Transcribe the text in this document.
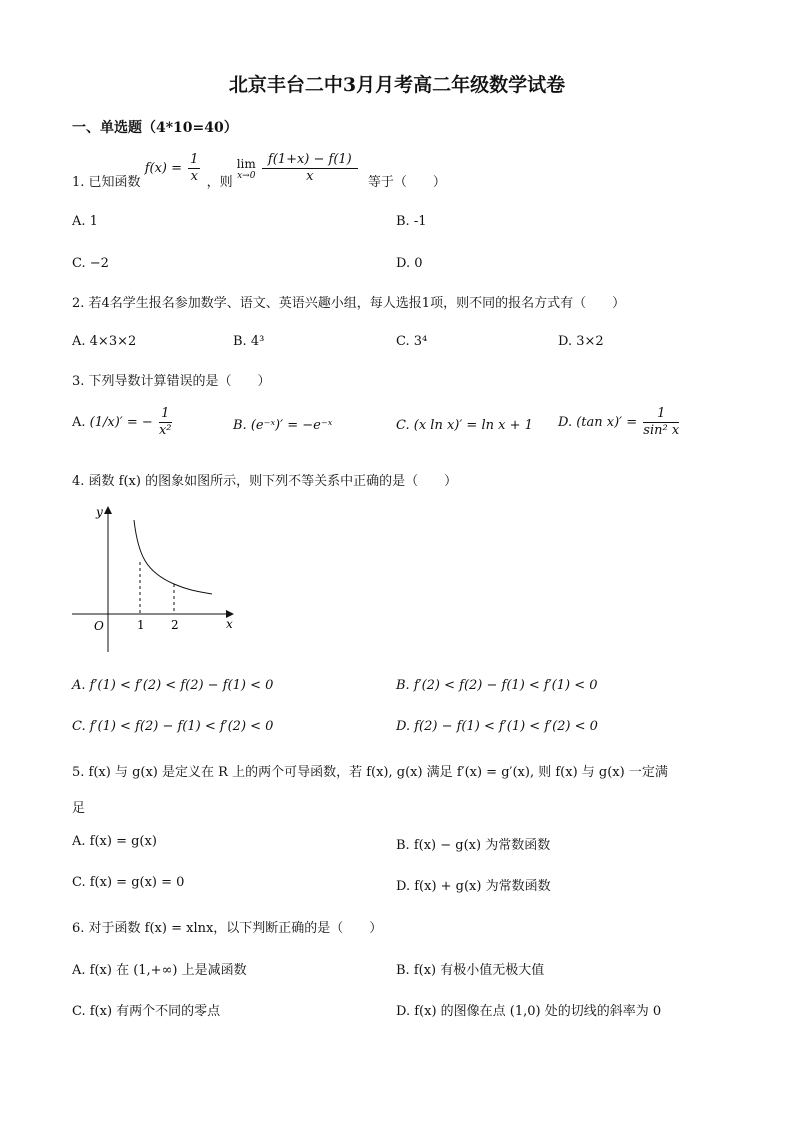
北京丰台二中3月月考高二年级数学试卷
一、单选题（4*10=40）
1. 已知函数 $f(x) = \frac{1}{x}$ ，则 lim
x→0
$\frac{f(1+x) - f(1)}{x}$ 等于（　　）
A. 1	B. -1
C. −2	D. 0
2. 若4名学生报名参加数学、语文、英语兴趣小组，每人选报1项，则不同的报名方式有（　　）
A. 4×3×2	B. 4³	C. 3⁴	D. 3×2
3. 下列导数计算错误的是（　　）
A. (1/x)′ = − $\frac{1}{\text{x²}}$	B. (e⁻ˣ)′ = −e⁻ˣ	C. (x ln x)′ = ln x + 1 D. (tan $x)' = \frac{1}{\text{sin² x}}$
4. 函数 f(x) 的图象如图所示，则下列不等关系中正确的是（　　）
y
x
O	1 2
A. f′(1) < f′(2) < f(2) − f(1) < 0	B. f′(2) < f(2) − f(1) < f′(1) < 0
C. f′(1) < f(2) − f(1) < f′(2) < 0	D. f(2) − f(1) < f′(1) < f′(2) < 0
5. f(x) 与 g(x) 是定义在 R 上的两个可导函数，若 f(x), g(x) 满足 f′(x) = g′(x), 则 f(x) 与 g(x) 一定满
足
A. f(x) = g(x)	B. f(x) − g(x) 为常数函数
C. f(x) = g(x) = 0	D. f(x) + g(x) 为常数函数
6. 对于函数 f(x) = xlnx，以下判断正确的是（　　）
A. f(x) 在 (1,+∞) 上是减函数	B. f(x) 有极小值无极大值
C. f(x) 有两个不同的零点	D. f(x) 的图像在点 (1,0) 处的切线的斜率为 0
